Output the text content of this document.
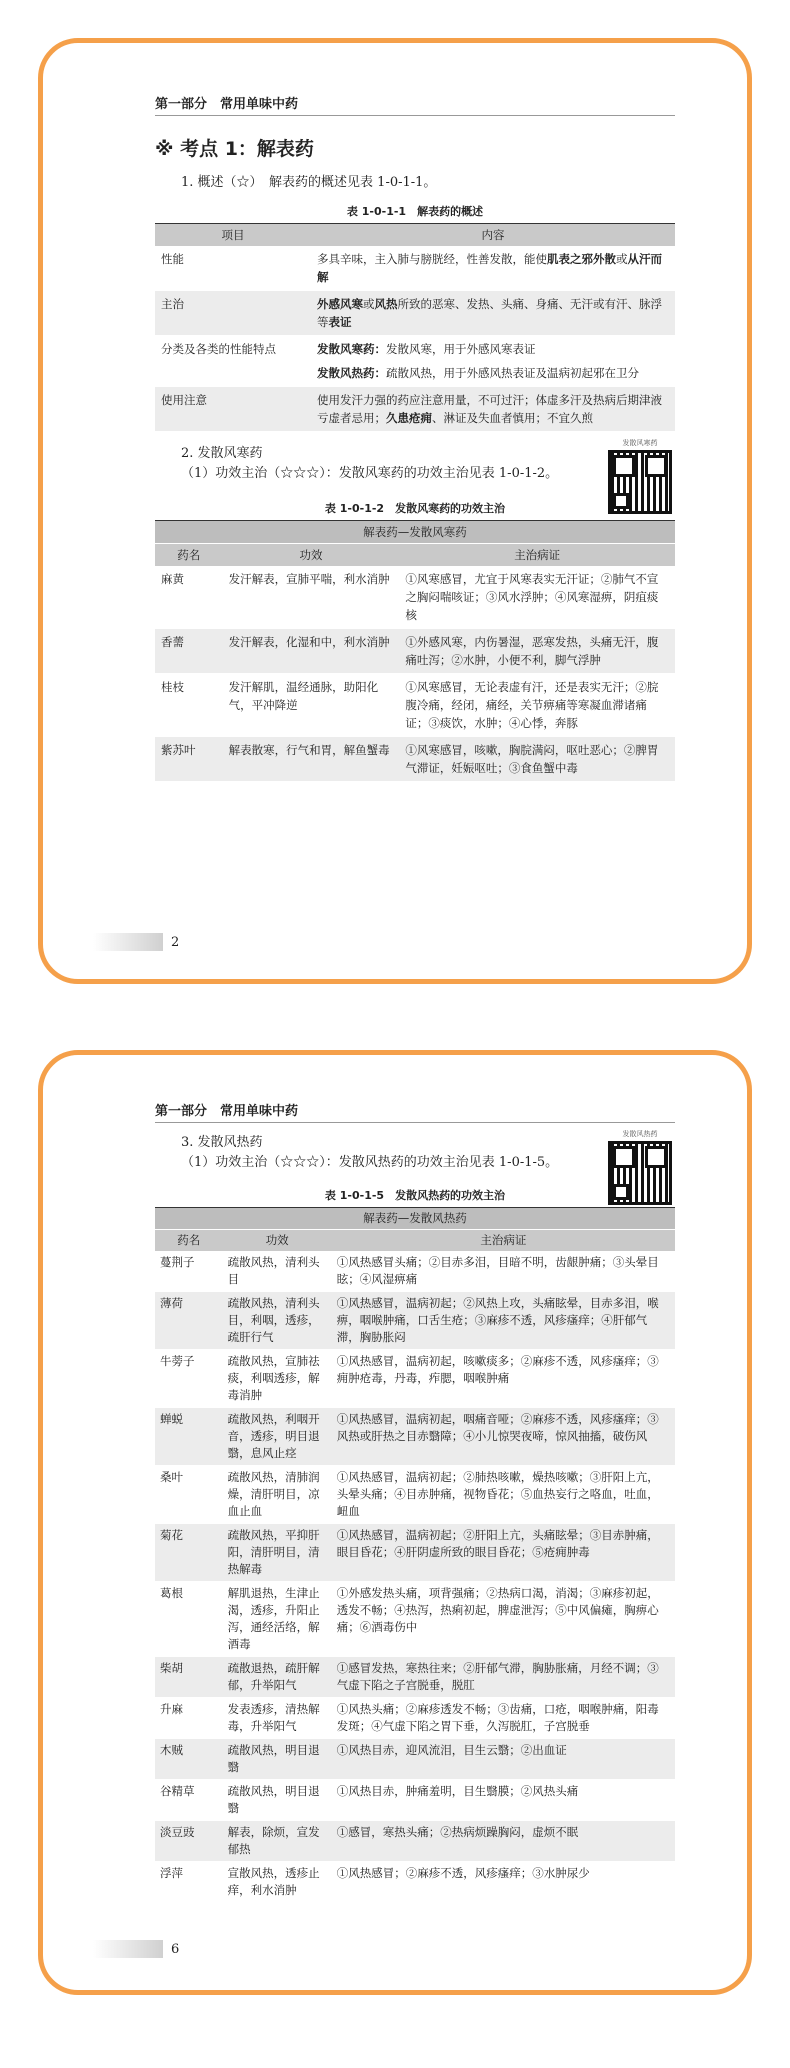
第一部分　常用单味中药
※ 考点 1：解表药
1. 概述（☆）　解表药的概述见表 1-0-1-1。
表 1-0-1-1　解表药的概述
项目	内容
性能	多具辛味，主入肺与膀胱经，性善发散，能使肌表之邪外散或从汗而解
主治	外感风寒或风热所致的恶寒、发热、头痛、身痛、无汗或有汗、脉浮等表证
分类及各类的性能特点	发散风寒药：发散风寒，用于外感风寒表证
发散风热药：疏散风热，用于外感风热表证及温病初起邪在卫分

使用注意	使用发汗力强的药应注意用量，不可过汗；体虚多汗及热病后期津液亏虚者忌用；久患疮痈、淋证及失血者慎用；不宜久煎
2. 发散风寒药
（1）功效主治（☆☆☆）：发散风寒药的功效主治见表 1-0-1-2。
发散风寒药
表 1-0-1-2　发散风寒药的功效主治
解表药—发散风寒药		
药名	功效	主治病证
麻黄	发汗解表，宣肺平喘，利水消肿	①风寒感冒，尤宜于风寒表实无汗证；②肺气不宣之胸闷喘咳证；③风水浮肿；④风寒湿痹，阴疽痰核
香薷	发汗解表，化湿和中，利水消肿	①外感风寒，内伤暑湿，恶寒发热，头痛无汗，腹痛吐泻；②水肿，小便不利，脚气浮肿
桂枝	发汗解肌，温经通脉，助阳化气，平冲降逆	①风寒感冒，无论表虚有汗，还是表实无汗；②脘腹冷痛，经闭，痛经，关节痹痛等寒凝血滞诸痛证；③痰饮，水肿；④心悸，奔豚
紫苏叶	解表散寒，行气和胃，解鱼蟹毒	①风寒感冒，咳嗽，胸脘满闷，呕吐恶心；②脾胃气滞证，妊娠呕吐；③食鱼蟹中毒
2
第一部分　常用单味中药
3. 发散风热药
（1）功效主治（☆☆☆）：发散风热药的功效主治见表 1-0-1-5。
发散风热药
表 1-0-1-5　发散风热药的功效主治
解表药—发散风热药		
药名	功效	主治病证
蔓荆子	疏散风热，清利头目	①风热感冒头痛；②目赤多泪，目暗不明，齿龈肿痛；③头晕目眩；④风湿痹痛
薄荷	疏散风热，清利头目，利咽，透疹，疏肝行气	①风热感冒，温病初起；②风热上攻，头痛眩晕，目赤多泪，喉痹，咽喉肿痛，口舌生疮；③麻疹不透，风疹瘙痒；④肝郁气滞，胸胁胀闷
牛蒡子	疏散风热，宣肺祛痰，利咽透疹，解毒消肿	①风热感冒，温病初起，咳嗽痰多；②麻疹不透，风疹瘙痒；③痈肿疮毒，丹毒，痄腮，咽喉肿痛
蝉蜕	疏散风热，利咽开音，透疹，明目退翳，息风止痉	①风热感冒，温病初起，咽痛音哑；②麻疹不透，风疹瘙痒；③风热或肝热之目赤翳障；④小儿惊哭夜啼，惊风抽搐，破伤风
桑叶	疏散风热，清肺润燥，清肝明目，凉血止血	①风热感冒，温病初起；②肺热咳嗽，燥热咳嗽；③肝阳上亢，头晕头痛；④目赤肿痛，视物昏花；⑤血热妄行之咯血，吐血，衄血
菊花	疏散风热，平抑肝阳，清肝明目，清热解毒	①风热感冒，温病初起；②肝阳上亢，头痛眩晕；③目赤肿痛，眼目昏花；④肝阴虚所致的眼目昏花；⑤疮痈肿毒
葛根	解肌退热，生津止渴，透疹，升阳止泻，通经活络，解酒毒	①外感发热头痛，项背强痛；②热病口渴，消渴；③麻疹初起，透发不畅；④热泻，热痢初起，脾虚泄泻；⑤中风偏瘫，胸痹心痛；⑥酒毒伤中
柴胡	疏散退热，疏肝解郁，升举阳气	①感冒发热，寒热往来；②肝郁气滞，胸胁胀痛，月经不调；③气虚下陷之子宫脱垂，脱肛
升麻	发表透疹，清热解毒，升举阳气	①风热头痛；②麻疹透发不畅；③齿痛，口疮，咽喉肿痛，阳毒发斑；④气虚下陷之胃下垂，久泻脱肛，子宫脱垂
木贼	疏散风热，明目退翳	①风热目赤，迎风流泪，目生云翳；②出血证
谷精草	疏散风热，明目退翳	①风热目赤，肿痛羞明，目生翳膜；②风热头痛
淡豆豉	解表，除烦，宣发郁热	①感冒，寒热头痛；②热病烦躁胸闷，虚烦不眠
浮萍	宣散风热，透疹止痒，利水消肿	①风热感冒；②麻疹不透，风疹瘙痒；③水肿尿少
6
